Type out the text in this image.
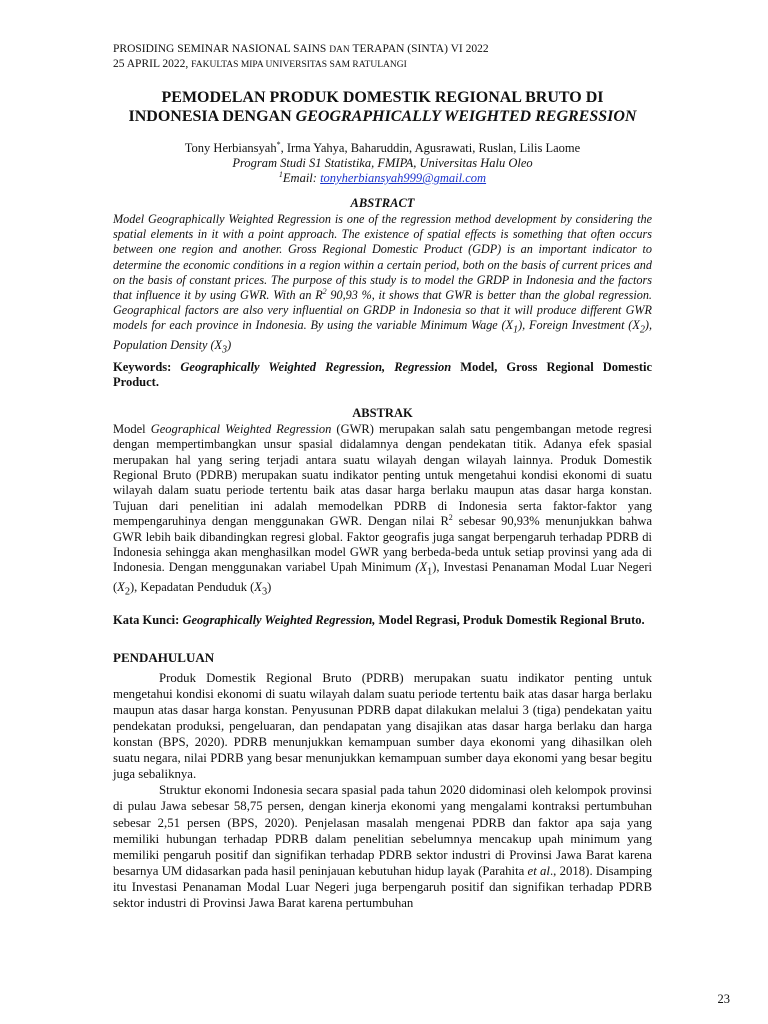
PROSIDING SEMINAR NASIONAL SAINS DAN TERAPAN (SINTA) VI 2022
25 APRIL 2022, FAKULTAS MIPA UNIVERSITAS SAM RATULANGI
PEMODELAN PRODUK DOMESTIK REGIONAL BRUTO DI
INDONESIA DENGAN GEOGRAPHICALLY WEIGHTED REGRESSION
Tony Herbiansyah*, Irma Yahya, Baharuddin, Agusrawati, Ruslan, Lilis Laome
Program Studi S1 Statistika, FMIPA, Universitas Halu Oleo
$^1$Email: tonyherbiansyah999@gmail.com
ABSTRACT

Model Geographically Weighted Regression is one of the regression method development by considering the spatial elements in it with a point approach. The existence of spatial effects is something that often occurs between one region and another. Gross Regional Domestic Product (GDP) is an important indicator to determine the economic conditions in a region within a certain period, both on the basis of current prices and on the basis of constant prices. The purpose of this study is to model the GRDP in Indonesia and the factors that influence it by using GWR. With an $R^2$ 90,93 %, it shows that GWR is better than the global regression. Geographical factors are also very influential on GRDP in Indonesia so that it will produce different GWR models for each province in Indonesia. By using the variable Minimum Wage $(X_1)$, Foreign Investment $(X_2)$, Population Density $(X_3)$

Keywords: Geographically Weighted Regression, Regression Model, Gross Regional Domestic Product.
ABSTRAK

Model Geographical Weighted Regression (GWR) merupakan salah satu pengembangan metode regresi dengan mempertimbangkan unsur spasial didalamnya dengan pendekatan titik. Adanya efek spasial merupakan hal yang sering terjadi antara suatu wilayah dengan wilayah lainnya. Produk Domestik Regional Bruto (PDRB) merupakan suatu indikator penting untuk mengetahui kondisi ekonomi di suatu wilayah dalam suatu periode tertentu baik atas dasar harga berlaku maupun atas dasar harga konstan. Tujuan dari penelitian ini adalah memodelkan PDRB di Indonesia serta faktor-faktor yang mempengaruhinya dengan menggunakan GWR. Dengan nilai $R^2$ sebesar 90,93% menunjukkan bahwa GWR lebih baik dibandingkan regresi global. Faktor geografis juga sangat berpengaruh terhadap PDRB di Indonesia sehingga akan menghasilkan model GWR yang berbeda-beda untuk setiap provinsi yang ada di Indonesia. Dengan menggunakan variabel Upah Minimum $(X_1)$, Investasi Penanaman Modal Luar Negeri $(X_2)$, Kepadatan Penduduk $(X_3)$

Kata Kunci: Geographically Weighted Regression, Model Regrasi, Produk Domestik Regional Bruto.
PENDAHULUAN

Produk Domestik Regional Bruto (PDRB) merupakan suatu indikator penting untuk mengetahui kondisi ekonomi di suatu wilayah dalam suatu periode tertentu baik atas dasar harga berlaku maupun atas dasar harga konstan. Penyusunan PDRB dapat dilakukan melalui 3 (tiga) pendekatan yaitu pendekatan produksi, pengeluaran, dan pendapatan yang disajikan atas dasar harga berlaku dan harga konstan (BPS, 2020). PDRB menunjukkan kemampuan sumber daya ekonomi yang dihasilkan oleh suatu negara, nilai PDRB yang besar menunjukkan kemampuan sumber daya ekonomi yang besar begitu juga sebaliknya.

Struktur ekonomi Indonesia secara spasial pada tahun 2020 didominasi oleh kelompok provinsi di pulau Jawa sebesar 58,75 persen, dengan kinerja ekonomi yang mengalami kontraksi pertumbuhan sebesar 2,51 persen (BPS, 2020). Penjelasan masalah mengenai PDRB dan faktor apa saja yang memiliki hubungan terhadap PDRB dalam penelitian sebelumnya mencakup upah minimum yang memiliki pengaruh positif dan signifikan terhadap PDRB sektor industri di Provinsi Jawa Barat karena besarnya UM didasarkan pada hasil peninjauan kebutuhan hidup layak (Parahita et al., 2018). Disamping itu Investasi Penanaman Modal Luar Negeri juga berpengaruh positif dan signifikan terhadap PDRB sektor industri di Provinsi Jawa Barat karena pertumbuhan

23
